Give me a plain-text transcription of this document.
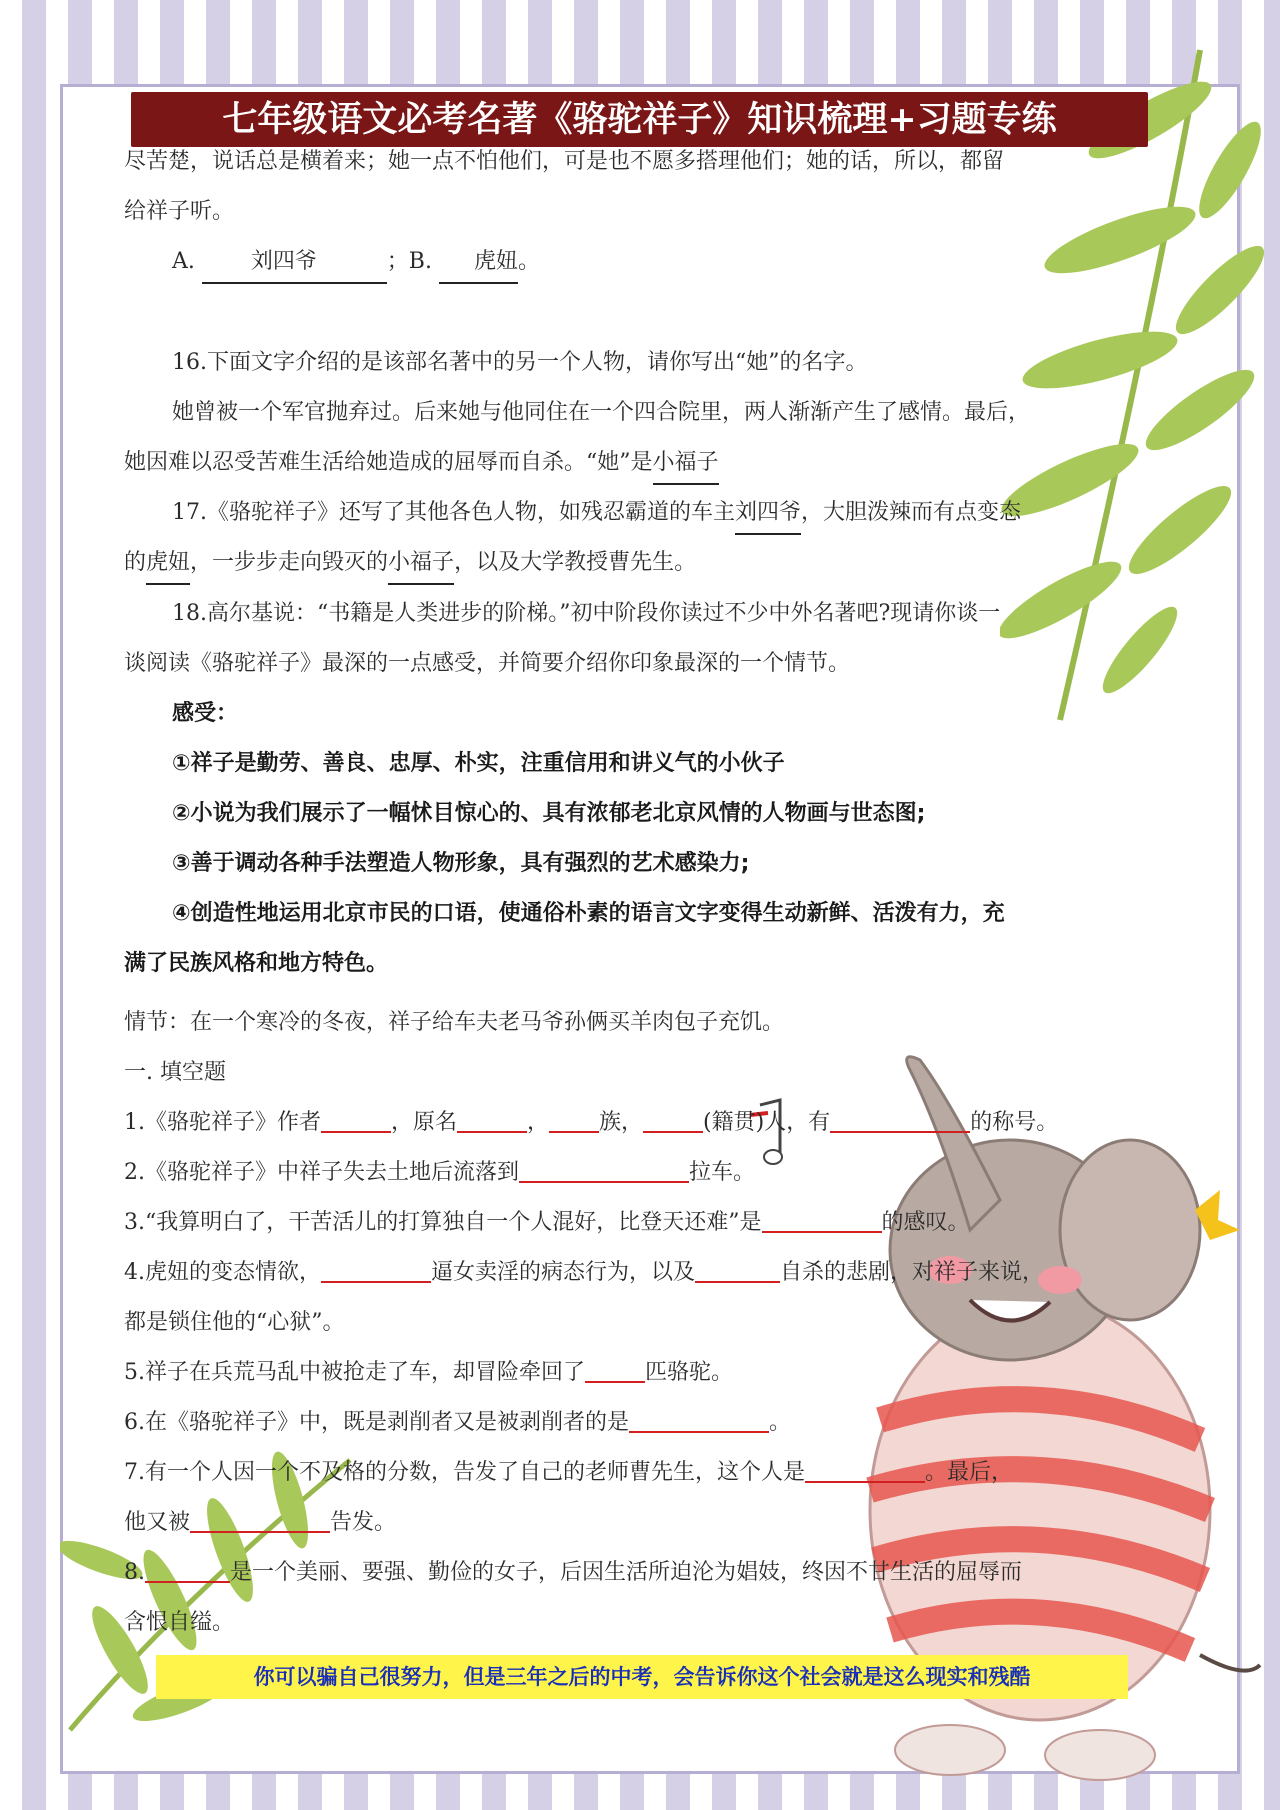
七年级语文必考名著《骆驼祥子》知识梳理+习题专练
尽苦楚，说话总是横着来；她一点不怕他们，可是也不愿多搭理他们；她的话，所以，都留
给祥子听。
A.	刘四爷	；B. 虎妞。
16.下面文字介绍的是该部名著中的另一个人物，请你写出“她”的名字。
她曾被一个军官抛弃过。后来她与他同住在一个四合院里，两人渐渐产生了感情。最后，
她因难以忍受苦难生活给她造成的屈辱而自杀。“她”是小福子
17.《骆驼祥子》还写了其他各色人物，如残忍霸道的车主刘四爷，大胆泼辣而有点变态
的虎妞，一步步走向毁灭的小福子，以及大学教授曹先生。
18.高尔基说：“书籍是人类进步的阶梯。”初中阶段你读过不少中外名著吧?现请你谈一
谈阅读《骆驼祥子》最深的一点感受，并简要介绍你印象最深的一个情节。
感受：
①祥子是勤劳、善良、忠厚、朴实，注重信用和讲义气的小伙子
②小说为我们展示了一幅怵目惊心的、具有浓郁老北京风情的人物画与世态图;
③善于调动各种手法塑造人物形象，具有强烈的艺术感染力;
④创造性地运用北京市民的口语，使通俗朴素的语言文字变得生动新鲜、活泼有力，充
满了民族风格和地方特色。
情节：在一个寒冷的冬夜，祥子给车夫老马爷孙俩买羊肉包子充饥。
一. 填空题
1.《骆驼祥子》作者	，原名	， 族，	(籍贯)人，有	的称号。
2.《骆驼祥子》中祥子失去土地后流落到	拉车。
3.“我算明白了，干苦活儿的打算独自一个人混好，比登天还难”是	的感叹。
4.虎妞的变态情欲，	逼女卖淫的病态行为，以及	自杀的悲剧，对祥子来说，
都是锁住他的“心狱”。
5.祥子在兵荒马乱中被抢走了车，却冒险牵回了	匹骆驼。
6.在《骆驼祥子》中，既是剥削者又是被剥削者的是	。
7.有一个人因一个不及格的分数，告发了自己的老师曹先生，这个人是	。最后，
他又被	告发。
8.	是一个美丽、要强、勤俭的女子，后因生活所迫沦为娼妓，终因不甘生活的屈辱而
含恨自缢。
你可以骗自己很努力，但是三年之后的中考，会告诉你这个社会就是这么现实和残酷
